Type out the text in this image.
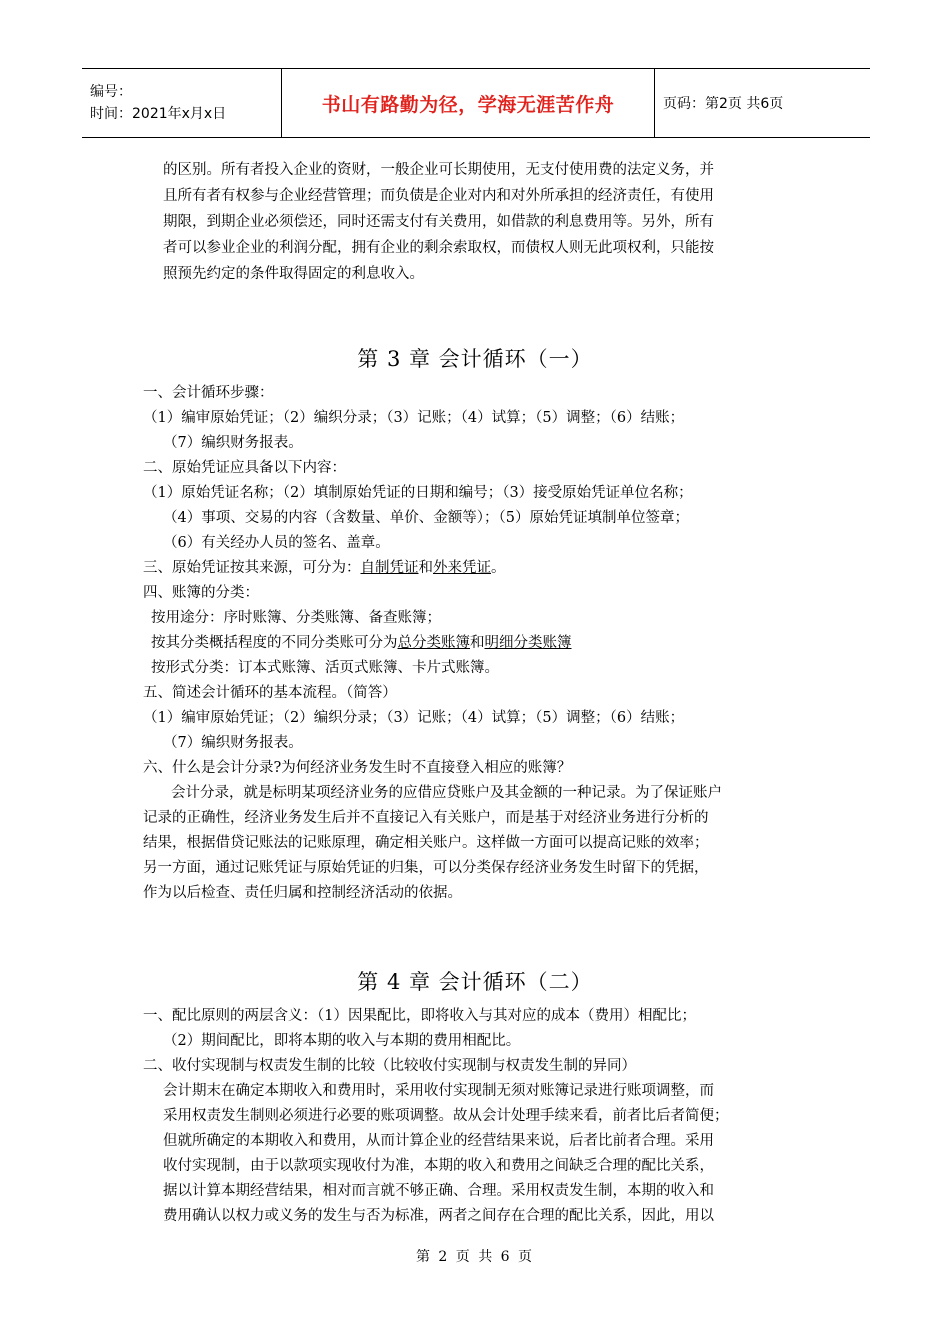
编号：
时间：2021年x月x日	书山有路勤为径，学海无涯苦作舟	页码：第2页 共6页
的区别。所有者投入企业的资财，一般企业可长期使用，无支付使用费的法定义务，并
且所有者有权参与企业经营管理；而负债是企业对内和对外所承担的经济责任，有使用
期限，到期企业必须偿还，同时还需支付有关费用，如借款的利息费用等。另外，所有
者可以参业企业的利润分配，拥有企业的剩余索取权，而债权人则无此项权利，只能按
照预先约定的条件取得固定的利息收入。
第 3 章 会计循环（一）
一、会计循环步骤：
（1）编审原始凭证；（2）编织分录；（3）记账；（4）试算；（5）调整；（6）结账；
（7）编织财务报表。
二、原始凭证应具备以下内容：
（1）原始凭证名称；（2）填制原始凭证的日期和编号；（3）接受原始凭证单位名称；
（4）事项、交易的内容（含数量、单价、金额等）；（5）原始凭证填制单位签章；
（6）有关经办人员的签名、盖章。
三、原始凭证按其来源，可分为：自制凭证和外来凭证。
四、账簿的分类：
按用途分：序时账簿、分类账簿、备查账簿；
按其分类概括程度的不同分类账可分为总分类账簿和明细分类账簿
按形式分类：订本式账簿、活页式账簿、卡片式账簿。
五、简述会计循环的基本流程。（简答）
（1）编审原始凭证；（2）编织分录；（3）记账；（4）试算；（5）调整；（6）结账；
（7）编织财务报表。
六、什么是会计分录?为何经济业务发生时不直接登入相应的账簿？
会计分录，就是标明某项经济业务的应借应贷账户及其金额的一种记录。为了保证账户
记录的正确性，经济业务发生后并不直接记入有关账户，而是基于对经济业务进行分析的
结果，根据借贷记账法的记账原理，确定相关账户。这样做一方面可以提高记账的效率；
另一方面，通过记账凭证与原始凭证的归集，可以分类保存经济业务发生时留下的凭据，
作为以后检查、责任归属和控制经济活动的依据。
第 4 章 会计循环（二）
一、配比原则的两层含义：（1）因果配比，即将收入与其对应的成本（费用）相配比；
（2）期间配比，即将本期的收入与本期的费用相配比。
二、收付实现制与权责发生制的比较（比较收付实现制与权责发生制的异同）
会计期末在确定本期收入和费用时，采用收付实现制无须对账簿记录进行账项调整，而
采用权责发生制则必须进行必要的账项调整。故从会计处理手续来看，前者比后者简便；
但就所确定的本期收入和费用，从而计算企业的经营结果来说，后者比前者合理。采用
收付实现制，由于以款项实现收付为准，本期的收入和费用之间缺乏合理的配比关系，
据以计算本期经营结果，相对而言就不够正确、合理。采用权责发生制，本期的收入和
费用确认以权力或义务的发生与否为标准，两者之间存在合理的配比关系，因此，用以
第 2 页 共 6 页
